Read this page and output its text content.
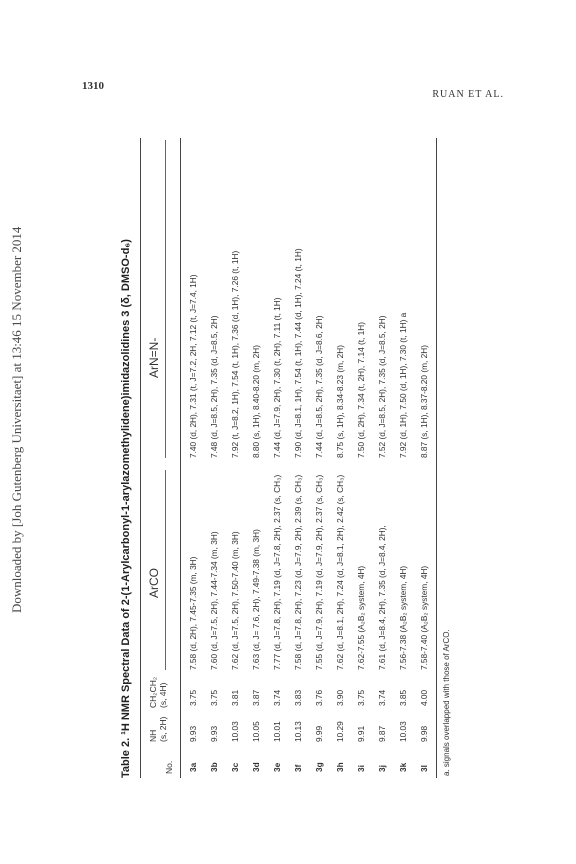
Downloaded by [Joh Gutenberg Universitaet] at 13:46 15 November 2014
1310
RUAN ET AL.
Table 2. ¹H NMR Spectral Data of 2-(1-Arylcarbonyl-1-arylazomethylidene)imidazolidines 3 (δ, DMSO-d₆)	No.
NH (s, 2H)
CH₂CH₂ (s, 4H)
ArCO
ArN=N-
3a
9.93
3.75
7.58 (d, 2H), 7.45-7.35 (m, 3H)
7.40 (d, 2H), 7.31 (t, J=7.2, 2H, 7.12 (t, J=7.4, 1H)
3b
9.93
3.75
7.60 (d, J=7.5, 2H), 7.44-7.34 (m, 3H)
7.48 (d, J=8.5, 2H), 7.35 (d, J=8.5, 2H)
3c
10.03
3.81
7.62 (d, J=7.5, 2H), 7.50-7.40 (m, 3H)
7.92 (t, J=8.2, 1H), 7.54 (t, 1H), 7.36 (d, 1H), 7.26 (t, 1H)
3d
10.05
3.87
7.63 (d, J= 7.6, 2H), 7.49-7.38 (m, 3H)
8.80 (s, 1H), 8.40-8.20 (m, 2H)
3e
10.01
3.74
7.77 (d, J=7.8, 2H), 7.19 (d, J=7.8, 2H), 2.37 (s, CH₃)
7.44 (d, J=7.9, 2H), 7.30 (t, 2H), 7.11 (t, 1H)
3f
10.13
3.83
7.58 (d, J=7.8, 2H), 7.23 (d, J=7.9, 2H), 2.39 (s, CH₃)
7.90 (d, J=8.1, 1H), 7.54 (t, 1H), 7.44 (d, 1H), 7.24 (t, 1H)
3g
9.99
3.76
7.55 (d, J=7.9, 2H), 7.19 (d, J=7.9, 2H), 2.37 (s, CH₃)
7.44 (d, J=8.5, 2H), 7.35 (d, J=8.6, 2H)
3h
10.29
3.90
7.62 (d, J=8.1, 2H), 7.24 (d, J=8.1, 2H), 2.42 (s, CH₃)
8.75 (s, 1H), 8.34-8.23 (m, 2H)
3i
9.91
3.75
7.62-7.55 (A₂B₂ system, 4H)
7.50 (d, 2H), 7.34 (t, 2H), 7.14 (t, 1H)
3j
9.87
3.74
7.61 (d, J=8.4, 2H), 7.35 (d, J=8.4, 2H),
7.52 (d, J=8.5, 2H), 7.35 (d, J=8.5, 2H)
3k
10.03
3.85
7.56-7.38 (A₂B₂ system, 4H)
7.92 (d, 1H), 7.50 (d, 1H), 7.30 (t, 1H) a
3l
9.98
4.00
7.58-7.40 (A₂B₂ system, 4H)
8.87 (s, 1H), 8.37-8.20 (m, 2H)
a. signals overlapped with those of ArCO.
